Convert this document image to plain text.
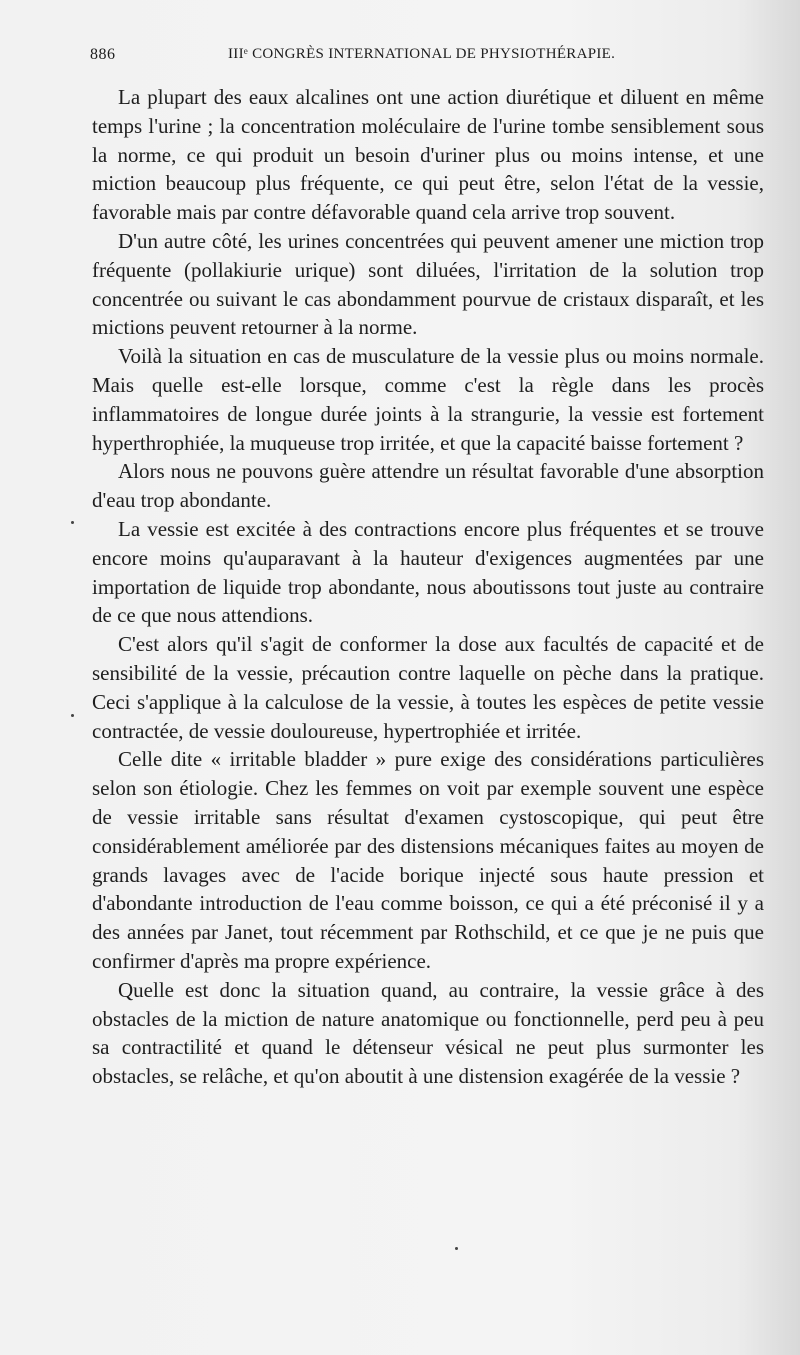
886	IIIᵉ CONGRÈS INTERNATIONAL DE PHYSIOTHÉRAPIE.

La plupart des eaux alcalines ont une action diurétique et diluent en même temps l'urine ; la concentration moléculaire de l'urine tombe sensiblement sous la norme, ce qui produit un besoin d'uriner plus ou moins intense, et une miction beaucoup plus fréquente, ce qui peut être, selon l'état de la vessie, favorable mais par contre défavorable quand cela arrive trop souvent.

D'un autre côté, les urines concentrées qui peuvent amener une miction trop fréquente (pollakiurie urique) sont diluées, l'irritation de la solution trop concentrée ou suivant le cas abondamment pourvue de cristaux disparaît, et les mictions peuvent retourner à la norme.

Voilà la situation en cas de musculature de la vessie plus ou moins normale. Mais quelle est-elle lorsque, comme c'est la règle dans les procès inflammatoires de longue durée joints à la strangurie, la vessie est fortement hyperthrophiée, la muqueuse trop irritée, et que la capacité baisse fortement ?

Alors nous ne pouvons guère attendre un résultat favorable d'une absorption d'eau trop abondante.

La vessie est excitée à des contractions encore plus fréquentes et se trouve encore moins qu'auparavant à la hauteur d'exigences augmentées par une importation de liquide trop abondante, nous aboutissons tout juste au contraire de ce que nous attendions.

C'est alors qu'il s'agit de conformer la dose aux facultés de capacité et de sensibilité de la vessie, précaution contre laquelle on pèche dans la pratique. Ceci s'applique à la calculose de la vessie, à toutes les espèces de petite vessie contractée, de vessie douloureuse, hypertrophiée et irritée.

Celle dite « irritable bladder » pure exige des considérations particulières selon son étiologie. Chez les femmes on voit par exemple souvent une espèce de vessie irritable sans résultat d'examen cystoscopique, qui peut être considérablement améliorée par des distensions mécaniques faites au moyen de grands lavages avec de l'acide borique injecté sous haute pression et d'abondante introduction de l'eau comme boisson, ce qui a été préconisé il y a des années par Janet, tout récemment par Rothschild, et ce que je ne puis que confirmer d'après ma propre expérience.

Quelle est donc la situation quand, au contraire, la vessie grâce à des obstacles de la miction de nature anatomique ou fonctionnelle, perd peu à peu sa contractilité et quand le détenseur vésical ne peut plus surmonter les obstacles, se relâche, et qu'on aboutit à une distension exagérée de la vessie ?
